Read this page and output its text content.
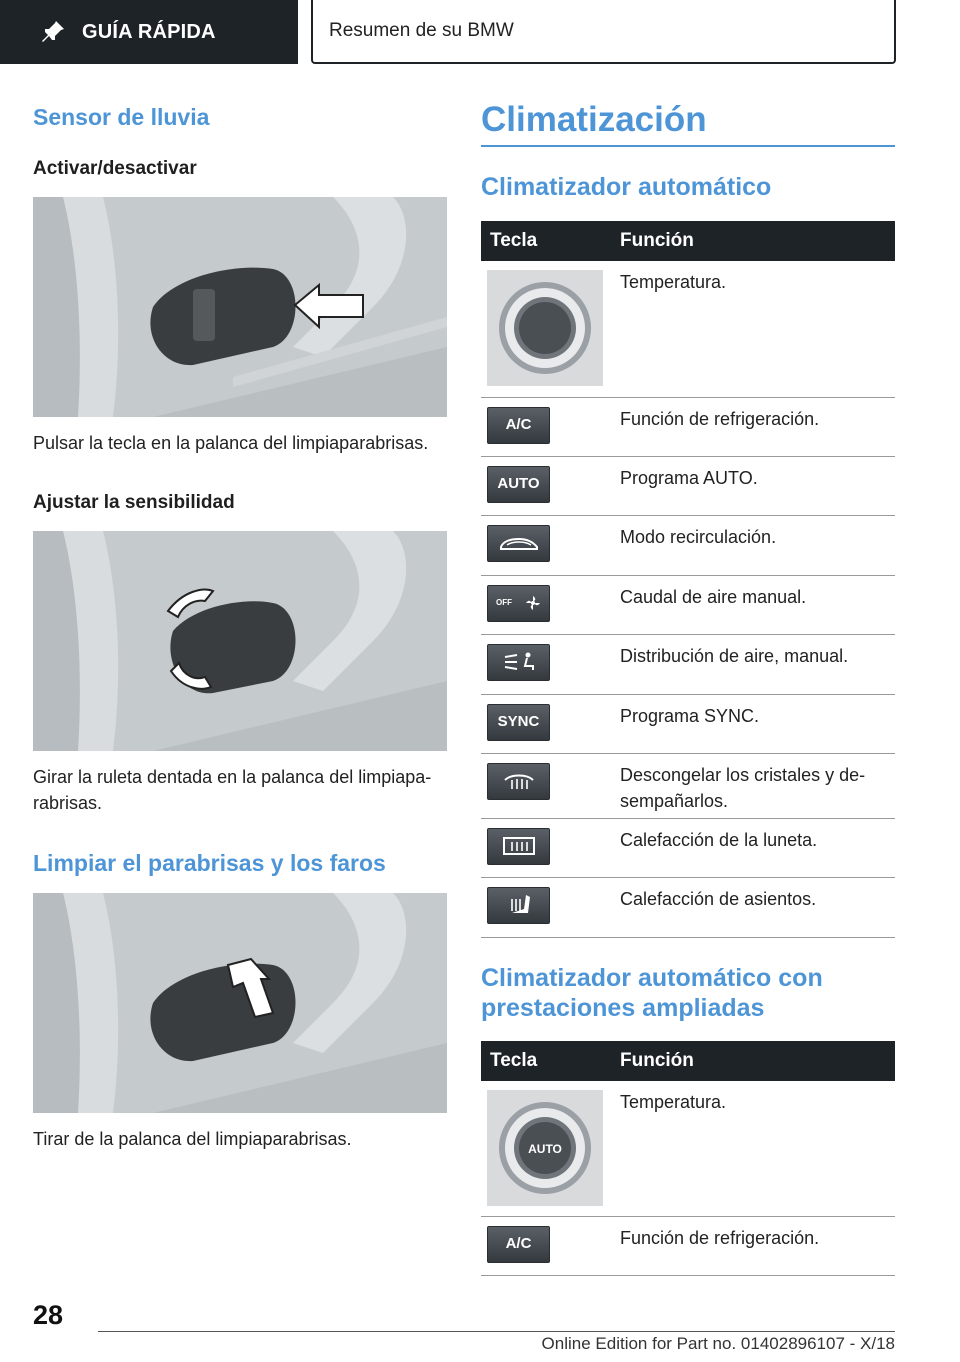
GUÍA RÁPIDA	Resumen de su BMW
Sensor de lluvia
Activar/desactivar
Pulsar la tecla en la palanca del limpiaparabrisas.
Ajustar la sensibilidad
Girar la ruleta dentada en la palanca del limpiaparabrisas.
Limpiar el parabrisas y los faros
Tirar de la palanca del limpiaparabrisas.
Climatización
Climatizador automático
Tecla	Función

	Temperatura.

A/C	Función de refrigeración.

AUTO	Programa AUTO.

	Modo recirculación.

OFF	Caudal de aire manual.

	Distribución de aire, manual.

SYNC	Programa SYNC.

	Descongelar los cristales y desempañarlos.

	Calefacción de la luneta.

	Calefacción de asientos.
Climatizador automático con prestaciones ampliadas
Tecla	Función

AUTO	Temperatura.

A/C	Función de refrigeración.
28
Online Edition for Part no. 01402896107 - X/18
